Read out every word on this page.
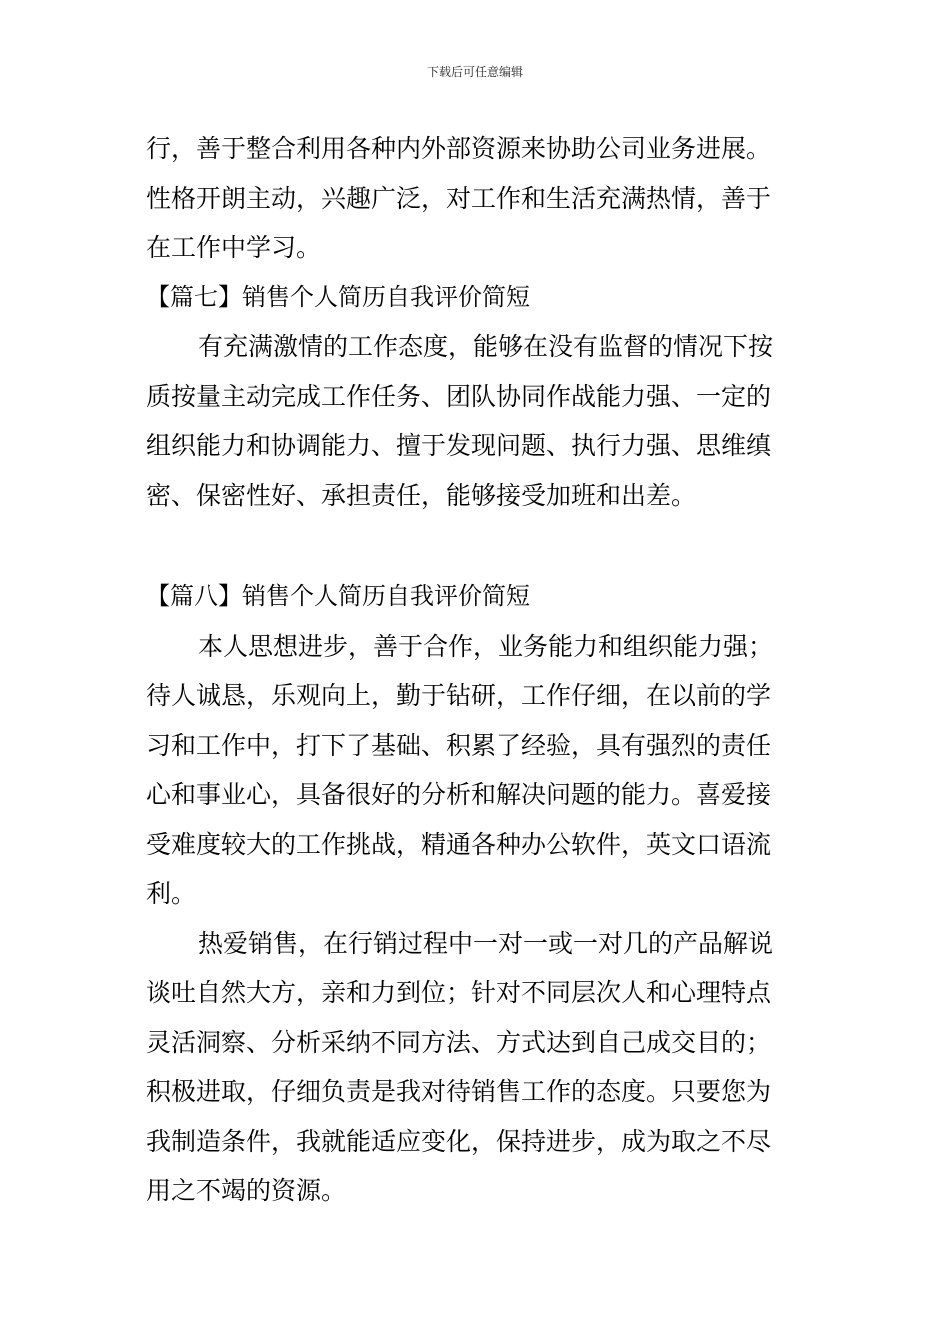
下载后可任意编辑
行，善于整合利用各种内外部资源来协助公司业务进展。
性格开朗主动，兴趣广泛，对工作和生活充满热情，善于
在工作中学习。
【篇七】销售个人简历自我评价简短
有充满激情的工作态度，能够在没有监督的情况下按
质按量主动完成工作任务、团队协同作战能力强、一定的
组织能力和协调能力、擅于发现问题、执行力强、思维缜
密、保密性好、承担责任，能够接受加班和出差。
【篇八】销售个人简历自我评价简短
本人思想进步，善于合作，业务能力和组织能力强；
待人诚恳，乐观向上，勤于钻研，工作仔细，在以前的学
习和工作中，打下了基础、积累了经验，具有强烈的责任
心和事业心，具备很好的分析和解决问题的能力。喜爱接
受难度较大的工作挑战，精通各种办公软件，英文口语流
利。
热爱销售，在行销过程中一对一或一对几的产品解说
谈吐自然大方，亲和力到位；针对不同层次人和心理特点
灵活洞察、分析采纳不同方法、方式达到自己成交目的；
积极进取，仔细负责是我对待销售工作的态度。只要您为
我制造条件，我就能适应变化，保持进步，成为取之不尽
用之不竭的资源。
